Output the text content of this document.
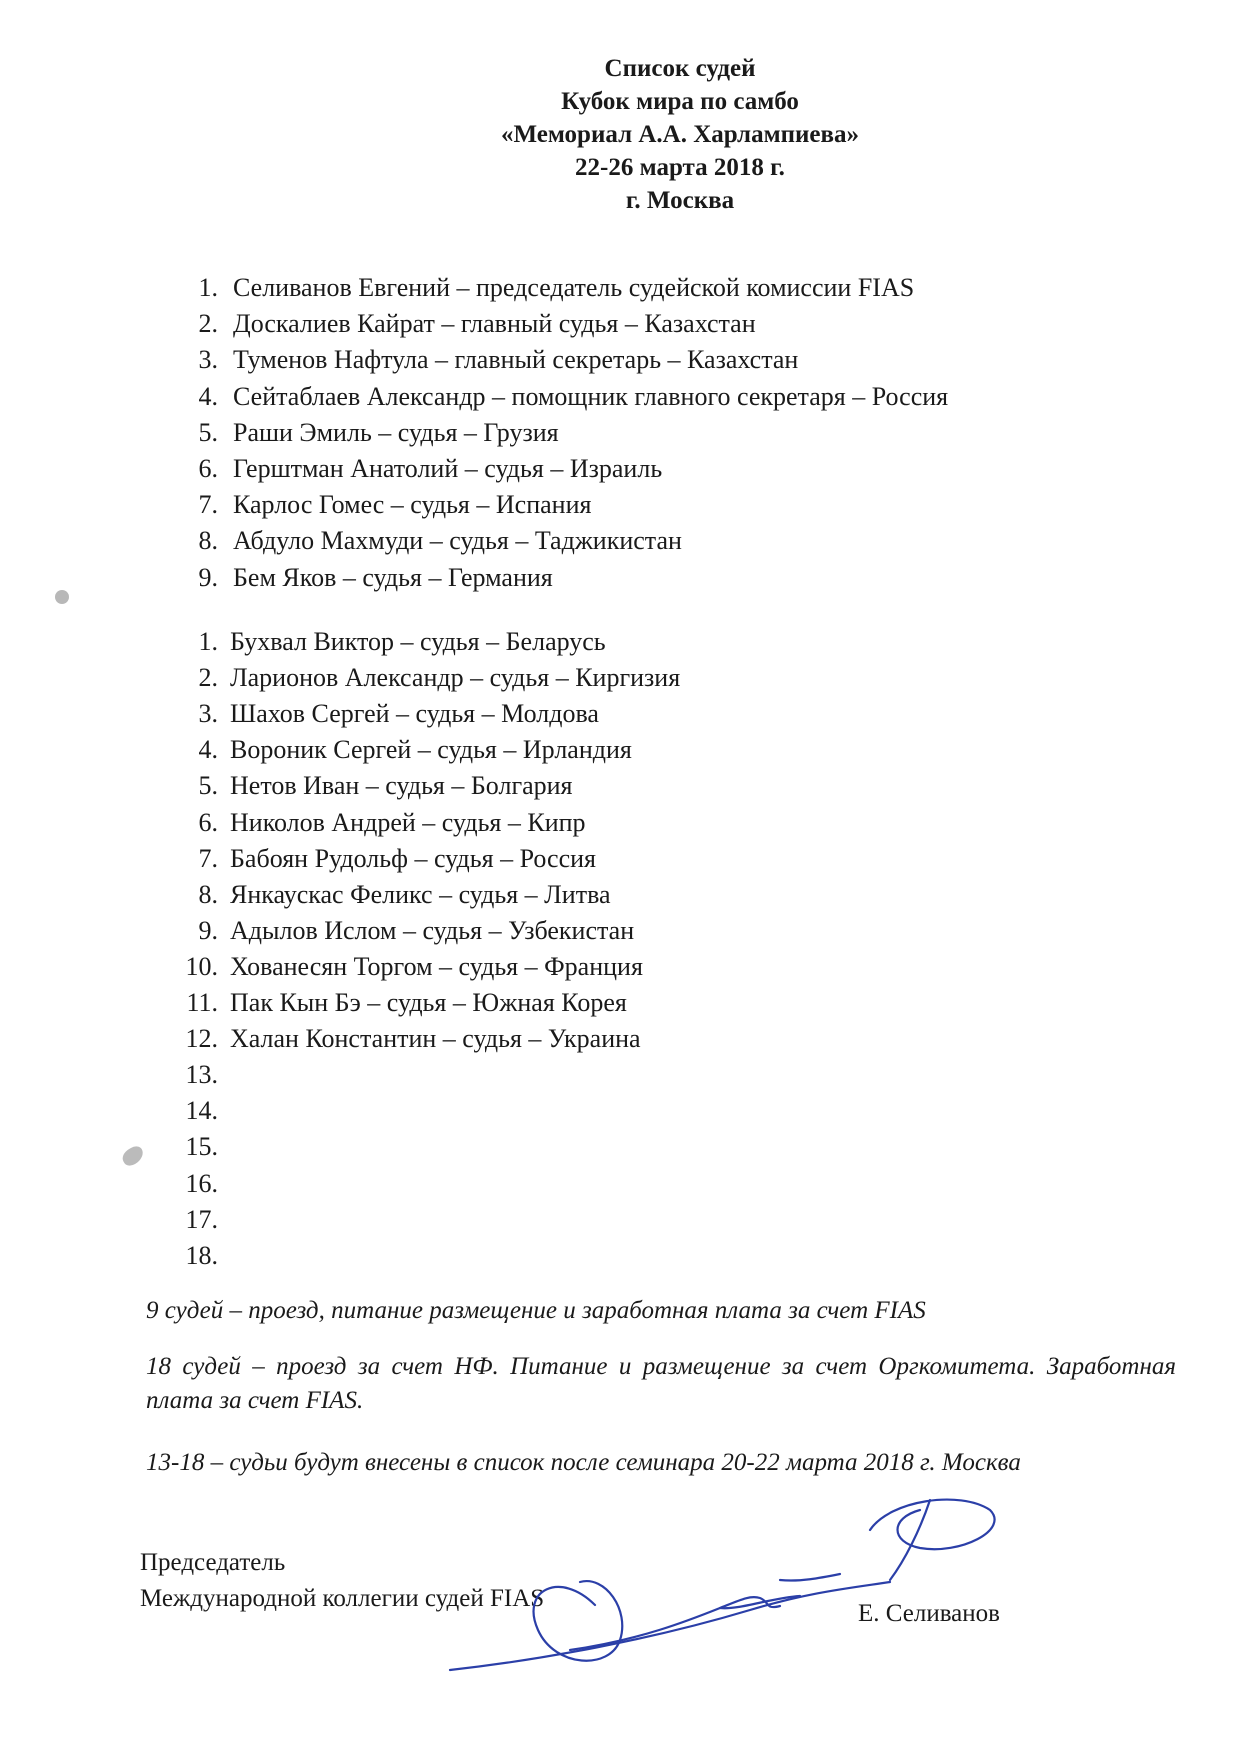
Список судей
Кубок мира по самбо
«Мемориал А.А. Харлампиева»
22-26 марта 2018 г.
г. Москва
1. Селиванов Евгений – председатель судейской комиссии FIAS
2. Доскалиев Кайрат – главный судья – Казахстан
3. Туменов Нафтула – главный секретарь – Казахстан
4. Сейтаблаев Александр – помощник главного секретаря – Россия
5. Раши Эмиль – судья – Грузия
6. Герштман Анатолий – судья – Израиль
7. Карлос Гомес – судья – Испания
8. Абдуло Махмуди – судья – Таджикистан
9. Бем Яков – судья – Германия
1. Бухвал Виктор – судья – Беларусь
2. Ларионов Александр – судья – Киргизия
3. Шахов Сергей – судья – Молдова
4. Вороник Сергей – судья – Ирландия
5. Нетов Иван – судья – Болгария
6. Николов Андрей – судья – Кипр
7. Бабоян Рудольф – судья – Россия
8. Янкаускас Феликс – судья – Литва
9. Адылов Ислом – судья – Узбекистан
10. Хованесян Торгом – судья – Франция
11. Пак Кын Бэ – судья – Южная Корея
12. Халан Константин – судья – Украина
13.
14.
15.
16.
17.
18.
9 судей – проезд, питание размещение и заработная плата за счет FIAS
18 судей – проезд за счет НФ. Питание и размещение за счет Оргкомитета. Заработная плата за счет FIAS.
13-18 – судьи будут внесены в список после семинара 20-22 марта 2018 г. Москва
Председатель
Международной коллегии судей FIAS
Е. Селиванов
